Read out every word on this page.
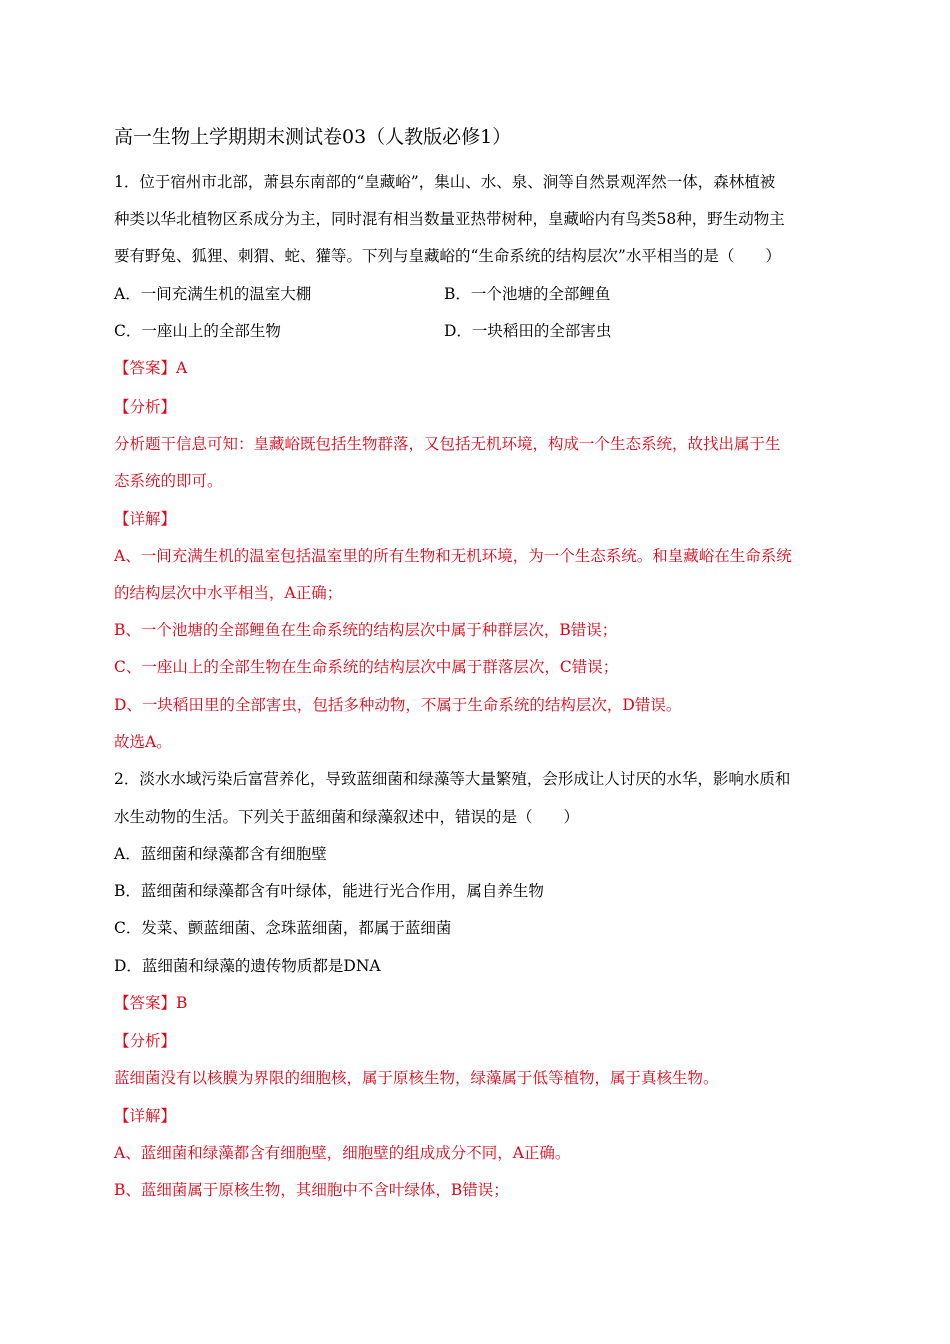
高一生物上学期期末测试卷03（人教版必修1）
1．位于宿州市北部，萧县东南部的“皇藏峪”，集山、水、泉、涧等自然景观浑然一体，森林植被
种类以华北植物区系成分为主，同时混有相当数量亚热带树种，皇藏峪内有鸟类58种，野生动物主
要有野兔、狐狸、刺猬、蛇、獾等。下列与皇藏峪的“生命系统的结构层次”水平相当的是（　　）
A．一间充满生机的温室大棚	B．一个池塘的全部鲤鱼
C．一座山上的全部生物	D．一块稻田的全部害虫
【答案】A
【分析】
分析题干信息可知：皇藏峪既包括生物群落，又包括无机环境，构成一个生态系统，故找出属于生
态系统的即可。
【详解】
A、一间充满生机的温室包括温室里的所有生物和无机环境，为一个生态系统。和皇藏峪在生命系统
的结构层次中水平相当，A正确；
B、一个池塘的全部鲤鱼在生命系统的结构层次中属于种群层次，B错误；
C、一座山上的全部生物在生命系统的结构层次中属于群落层次，C错误；
D、一块稻田里的全部害虫，包括多种动物，不属于生命系统的结构层次，D错误。
故选A。
2．淡水水域污染后富营养化，导致蓝细菌和绿藻等大量繁殖，会形成让人讨厌的水华，影响水质和
水生动物的生活。下列关于蓝细菌和绿藻叙述中，错误的是（　　）
A．蓝细菌和绿藻都含有细胞壁
B．蓝细菌和绿藻都含有叶绿体，能进行光合作用，属自养生物
C．发菜、颤蓝细菌、念珠蓝细菌，都属于蓝细菌
D．蓝细菌和绿藻的遗传物质都是DNA
【答案】B
【分析】
蓝细菌没有以核膜为界限的细胞核，属于原核生物，绿藻属于低等植物，属于真核生物。
【详解】
A、蓝细菌和绿藻都含有细胞壁，细胞壁的组成成分不同，A正确。
B、蓝细菌属于原核生物，其细胞中不含叶绿体，B错误；
